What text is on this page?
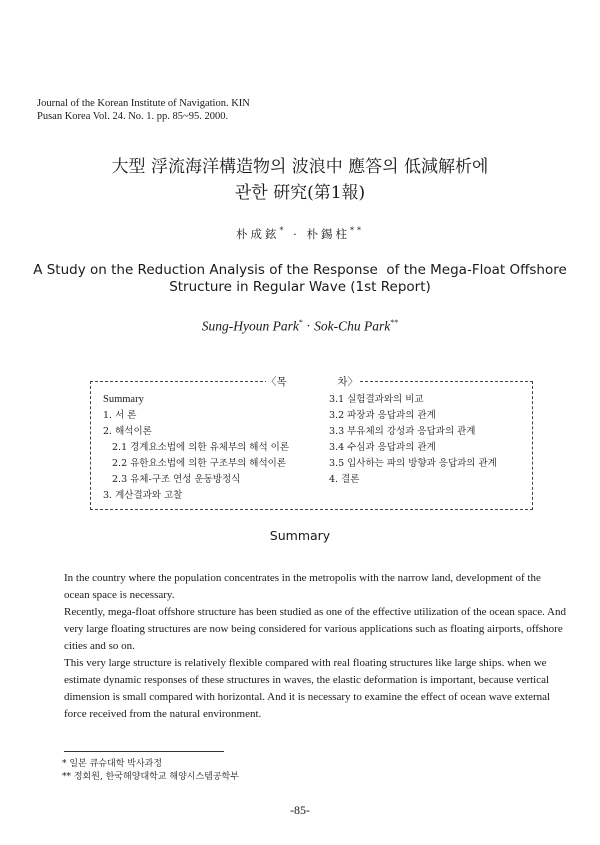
Journal of the Korean Institute of Navigation. KIN
Pusan Korea Vol. 24. No. 1. pp. 85~95. 2000.
大型 浮流海洋構造物의 波浪中 應答의 低減解析에
관한 硏究(第1報)
朴成鉉* · 朴錫柱**
A Study on the Reduction Analysis of the Response  of the Mega-Float Offshore
Structure in Regular Wave (1st Report)
Sung-Hyoun Park* · Sok-Chu Park**
〈목	차〉
Summary
1. 서 론
2. 해석이론
2.1 경계요소법에 의한 유체부의 해석 이론
2.2 유한요소법에 의한 구조부의 해석이론
2.3 유체-구조 연성 운동방정식
3. 계산결과와 고찰
3.1 실험결과와의 비교
3.2 파장과 응답과의 관계
3.3 부유체의 강성과 응답과의 관계
3.4 수심과 응답과의 관계
3.5 입사하는 파의 방향과 응답과의 관계
4. 결론
Summary

In the country where the population concentrates in the metropolis with the narrow land, development of the ocean space is necessary.

Recently, mega-float offshore structure has been studied as one of the effective utilization of the ocean space. And very large floating structures are now being considered for various applications such as floating airports, offshore cities and so on.

This very large structure is relatively flexible compared with real floating structures like large ships. when we estimate dynamic responses of these structures in waves, the elastic deformation is important, because vertical dimension is small compared with horizontal. And it is necessary to examine the effect of ocean wave external force received from the natural environment.

* 일본 큐슈대학 박사과정
** 정회원, 한국해양대학교 해양시스템공학부
-85-
